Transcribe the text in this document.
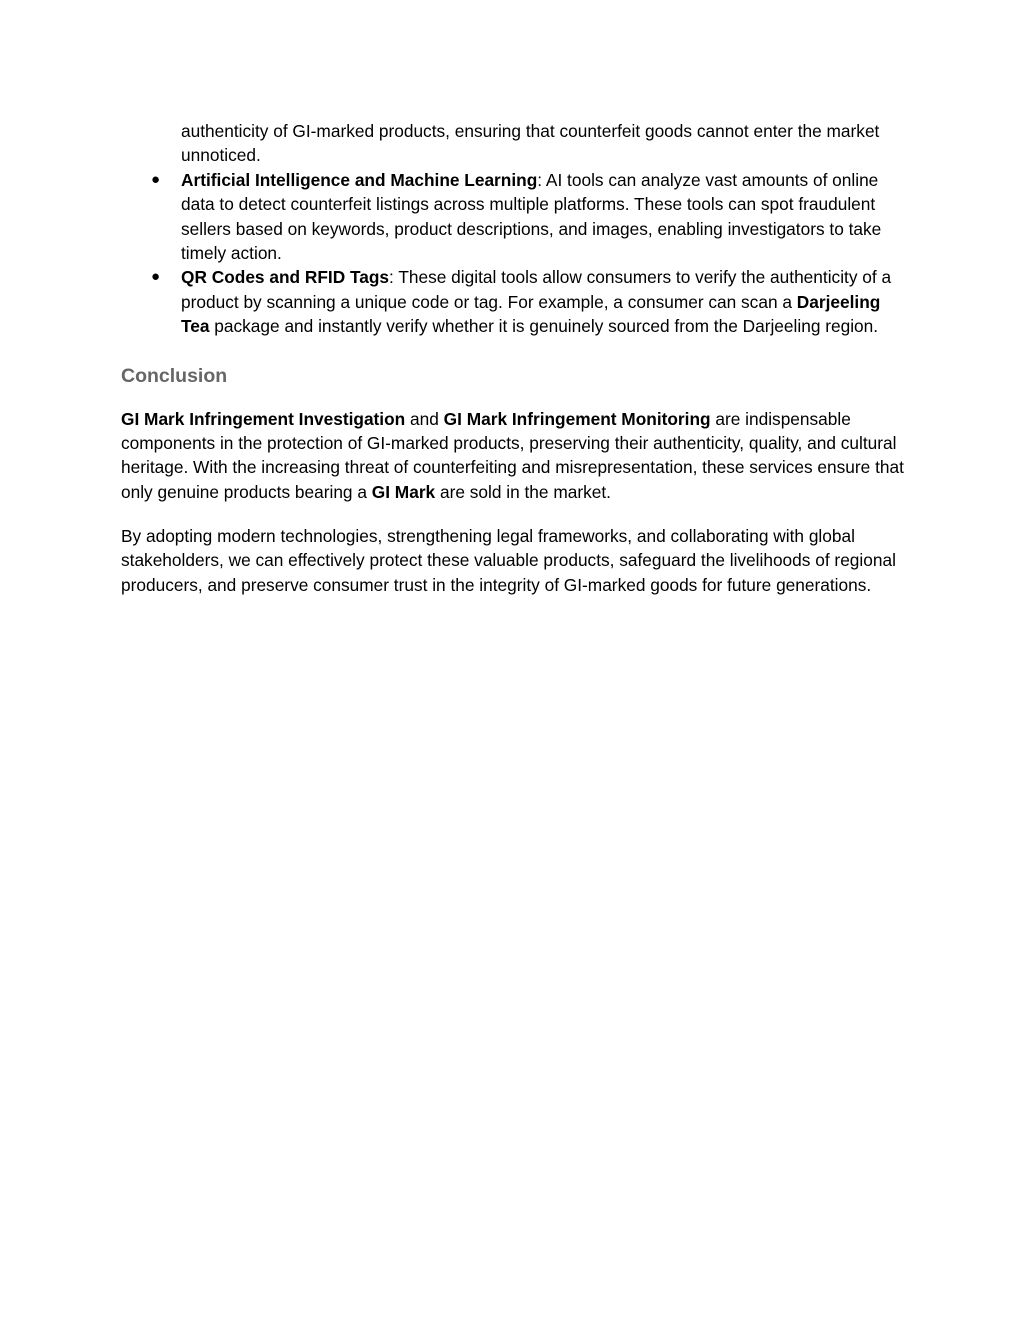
authenticity of GI-marked products, ensuring that counterfeit goods cannot enter the market unnoticed.
●	Artificial Intelligence and Machine Learning: AI tools can analyze vast amounts of online data to detect counterfeit listings across multiple platforms. These tools can spot fraudulent sellers based on keywords, product descriptions, and images, enabling investigators to take timely action.
●	QR Codes and RFID Tags: These digital tools allow consumers to verify the authenticity of a product by scanning a unique code or tag. For example, a consumer can scan a Darjeeling Tea package and instantly verify whether it is genuinely sourced from the Darjeeling region.
Conclusion

GI Mark Infringement Investigation and GI Mark Infringement Monitoring are indispensable components in the protection of GI-marked products, preserving their authenticity, quality, and cultural heritage. With the increasing threat of counterfeiting and misrepresentation, these services ensure that only genuine products bearing a GI Mark are sold in the market.

By adopting modern technologies, strengthening legal frameworks, and collaborating with global stakeholders, we can effectively protect these valuable products, safeguard the livelihoods of regional producers, and preserve consumer trust in the integrity of GI-marked goods for future generations.
